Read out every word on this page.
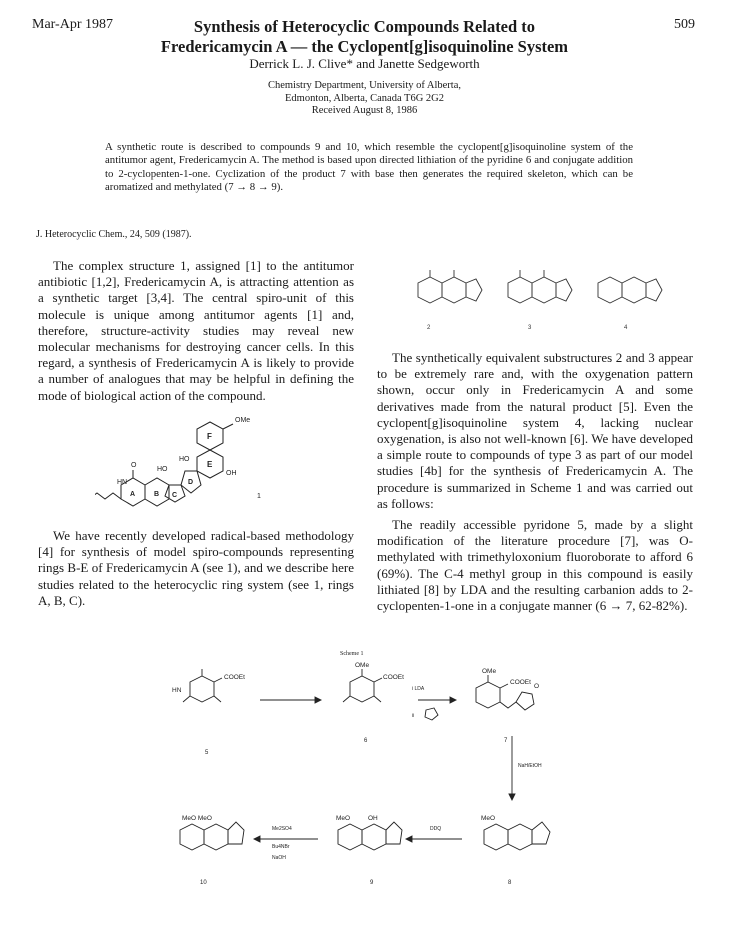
Mar-Apr 1987	509
Synthesis of Heterocyclic Compounds Related to
Fredericamycin A — the Cyclopent[g]isoquinoline System
Derrick L. J. Clive* and Janette Sedgeworth
Chemistry Department, University of Alberta,
Edmonton, Alberta, Canada T6G 2G2
Received August 8, 1986
A synthetic route is described to compounds 9 and 10, which resemble the cyclopent[g]isoquinoline system of the antitumor agent, Fredericamycin A. The method is based upon directed lithiation of the pyridine 6 and conjugate addition to 2-cyclopenten-1-one. Cyclization of the product 7 with base then generates the required skeleton, which can be aromatized and methylated (7 → 8 → 9).
J. Heterocyclic Chem., 24, 509 (1987).

The complex structure 1, assigned [1] to the antitumor antibiotic [1,2], Fredericamycin A, is attracting attention as a synthetic target [3,4]. The central spiro-unit of this molecule is unique among antitumor agents [1] and, therefore, structure-activity studies may reveal new molecular mechanisms for destroying cancer cells. In this regard, a synthesis of Fredericamycin A is likely to provide a number of analogues that may be helpful in defining the mode of biological action of the compound.

We have recently developed radical-based methodology [4] for synthesis of model spiro-compounds representing rings B-E of Fredericamycin A (see 1), and we describe here studies related to the heterocyclic ring system (see 1, rings A, B, C).

The synthetically equivalent substructures 2 and 3 appear to be extremely rare and, with the oxygenation pattern shown, occur only in Fredericamycin A and some derivatives made from the natural product [5]. Even the cyclopent[g]isoquinoline system 4, lacking nuclear oxygenation, is also not well-known [6]. We have developed a simple route to compounds of type 3 as part of our model studies [4b] for the synthesis of Fredericamycin A. The procedure is summarized in Scheme 1 and was carried out as follows:

The readily accessible pyridone 5, made by a slight modification of the literature procedure [7], was O-methylated with trimethyloxonium fluoroborate to afford 6 (69%). The C-4 methyl group in this compound is easily lithiated [8] by LDA and the resulting carbanion adds to 2-cyclopenten-1-one in a conjugate manner (6 → 7, 62-82%).

OMe
F
HO
E
OH
HN
HO
O
D
A	B C	1
2	3	4
Scheme 1
COOEt
HN
5
OMe
COOEt
6
i LDA
ii
OMe
COOEt
O
7
NaH/EtOH
MeO
8
DDQ
MeO	OH
9
Me2SO4
Bu4NBr
NaOH
MeO MeO
10
